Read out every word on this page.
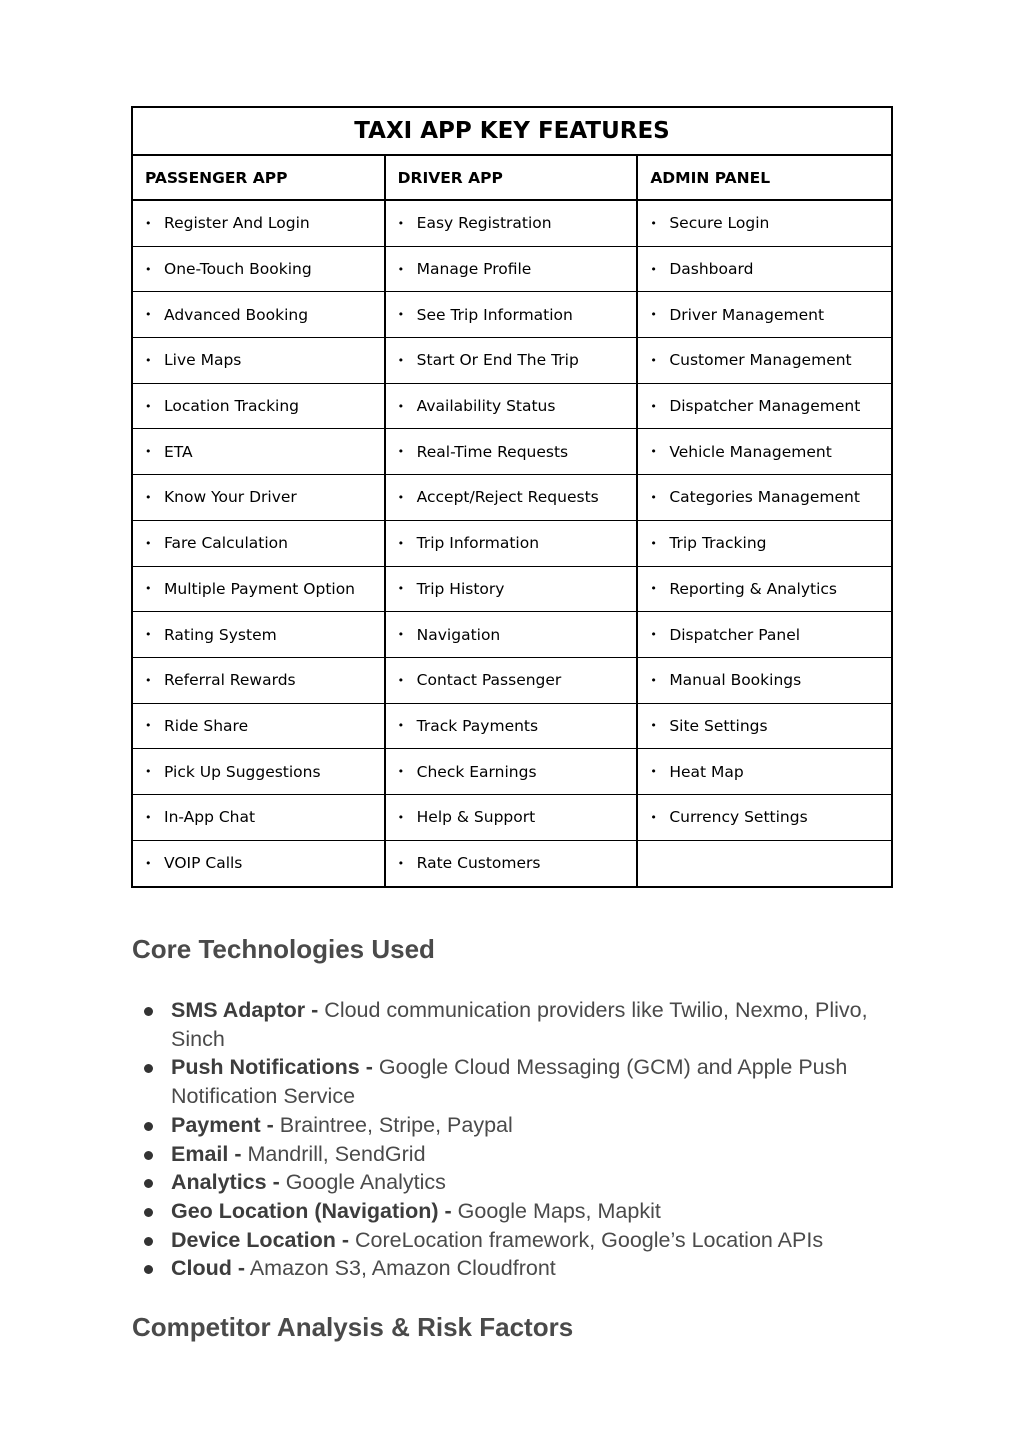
TAXI APP KEY FEATURES
PASSENGER APP	DRIVER APP	ADMIN PANEL
• Register And Login	• Easy Registration	• Secure Login
• One-Touch Booking	• Manage Profile	• Dashboard
• Advanced Booking	• See Trip Information	• Driver Management
• Live Maps	• Start Or End The Trip	• Customer Management
• Location Tracking	• Availability Status	• Dispatcher Management
• ETA	• Real-Time Requests	• Vehicle Management
• Know Your Driver	• Accept/Reject Requests	• Categories Management
• Fare Calculation	• Trip Information	• Trip Tracking
• Multiple Payment Option	• Trip History	• Reporting & Analytics
• Rating System	• Navigation	• Dispatcher Panel
• Referral Rewards	• Contact Passenger	• Manual Bookings
• Ride Share	• Track Payments	• Site Settings
• Pick Up Suggestions	• Check Earnings	• Heat Map
• In-App Chat	• Help & Support	• Currency Settings
• VOIP Calls	• Rate Customers
Core Technologies Used
SMS Adaptor - Cloud communication providers like Twilio, Nexmo, Plivo, Sinch
Push Notifications - Google Cloud Messaging (GCM) and Apple Push Notification Service
Payment - Braintree, Stripe, Paypal
Email - Mandrill, SendGrid
Analytics - Google Analytics
Geo Location (Navigation) - Google Maps, Mapkit
Device Location - CoreLocation framework, Google’s Location APIs
Cloud - Amazon S3, Amazon Cloudfront
Competitor Analysis & Risk Factors
